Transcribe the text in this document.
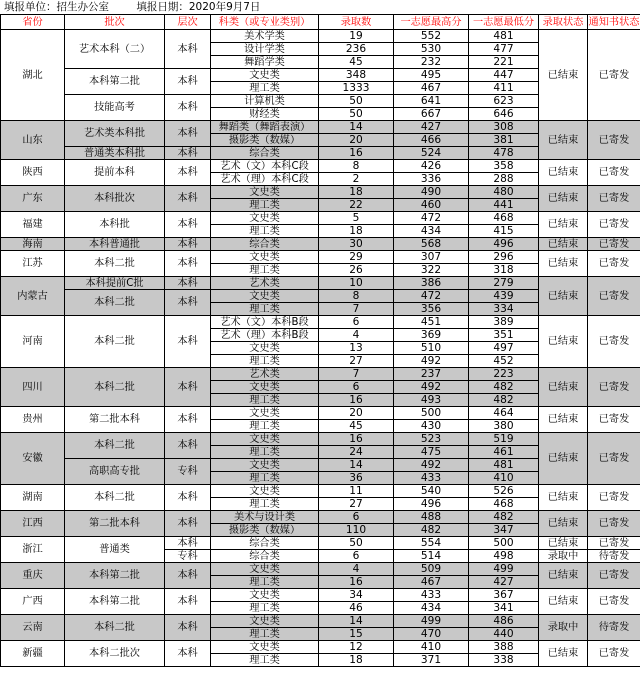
填报单位：招生办公室	填报日期：2020年9月7日
省份	批次	层次	科类（或专业类别）	录取数	一志愿最高分	一志愿最低分	录取状态	通知书状态
湖北	艺术本科（二）	本科	美术学类	19	552	481	已结束	已寄发
			设计学类	236	530	477		
			舞蹈学类	45	232	221		
	本科第二批	本科	文史类	348	495	447		
			理工类	1333	467	411		
	技能高考	本科	计算机类	50	641	623		
			财经类	50	667	646		
山东	艺术类本科批	本科	舞蹈类（舞蹈表演）	14	427	308	已结束	已寄发
			摄影类（数媒）	20	466	381		
	普通类本科批	本科	综合类	16	524	478		
陕西	提前本科	本科	艺术（文）本科C段	8	426	358	已结束	已寄发
			艺术（理）本科C段	2	336	288		
广东	本科批次	本科	文史类	18	490	480	已结束	已寄发
			理工类	22	460	441		
福建	本科批	本科	文史类	5	472	468	已结束	已寄发
			理工类	18	434	415		
海南	本科普通批	本科	综合类	30	568	496	已结束	已寄发
江苏	本科二批	本科	文史类	29	307	296	已结束	已寄发
			理工类	26	322	318		
内蒙古	本科提前C批	本科	艺术类	10	386	279	已结束	已寄发
	本科二批	本科	文史类	8	472	439		
			理工类	7	356	334		
河南	本科二批	本科	艺术（文）本科B段	6	451	389	已结束	已寄发
			艺术（理）本科B段	4	369	351		
			文史类	13	510	497		
			理工类	27	492	452		
四川	本科二批	本科	艺术类	7	237	223	已结束	已寄发
			文史类	6	492	482		
			理工类	16	493	482		
贵州	第二批本科	本科	文史类	20	500	464	已结束	已寄发
			理工类	45	430	380		
安徽	本科二批	本科	文史类	16	523	519	已结束	已寄发
			理工类	24	475	461		
	高职高专批	专科	文史类	14	492	481		
			理工类	36	433	410		
湖南	本科二批	本科	文史类	11	540	526	已结束	已寄发
			理工类	27	496	468		
江西	第二批本科	本科	美术与设计类	6	488	482	已结束	已寄发
			摄影类（数媒）	110	482	347		
浙江	普通类	本科	综合类	50	554	500	已结束	已寄发
		专科	综合类	6	514	498	录取中	待寄发
重庆	本科第二批	本科	文史类	4	509	499	已结束	已寄发
			理工类	16	467	427		
广西	本科第二批	本科	文史类	34	433	367	已结束	已寄发
			理工类	46	434	341		
云南	本科二批	本科	文史类	14	499	486	录取中	待寄发
			理工类	15	470	440		
新疆	本科二批次	本科	文史类	12	410	388	已结束	已寄发
			理工类	18	371	338		
